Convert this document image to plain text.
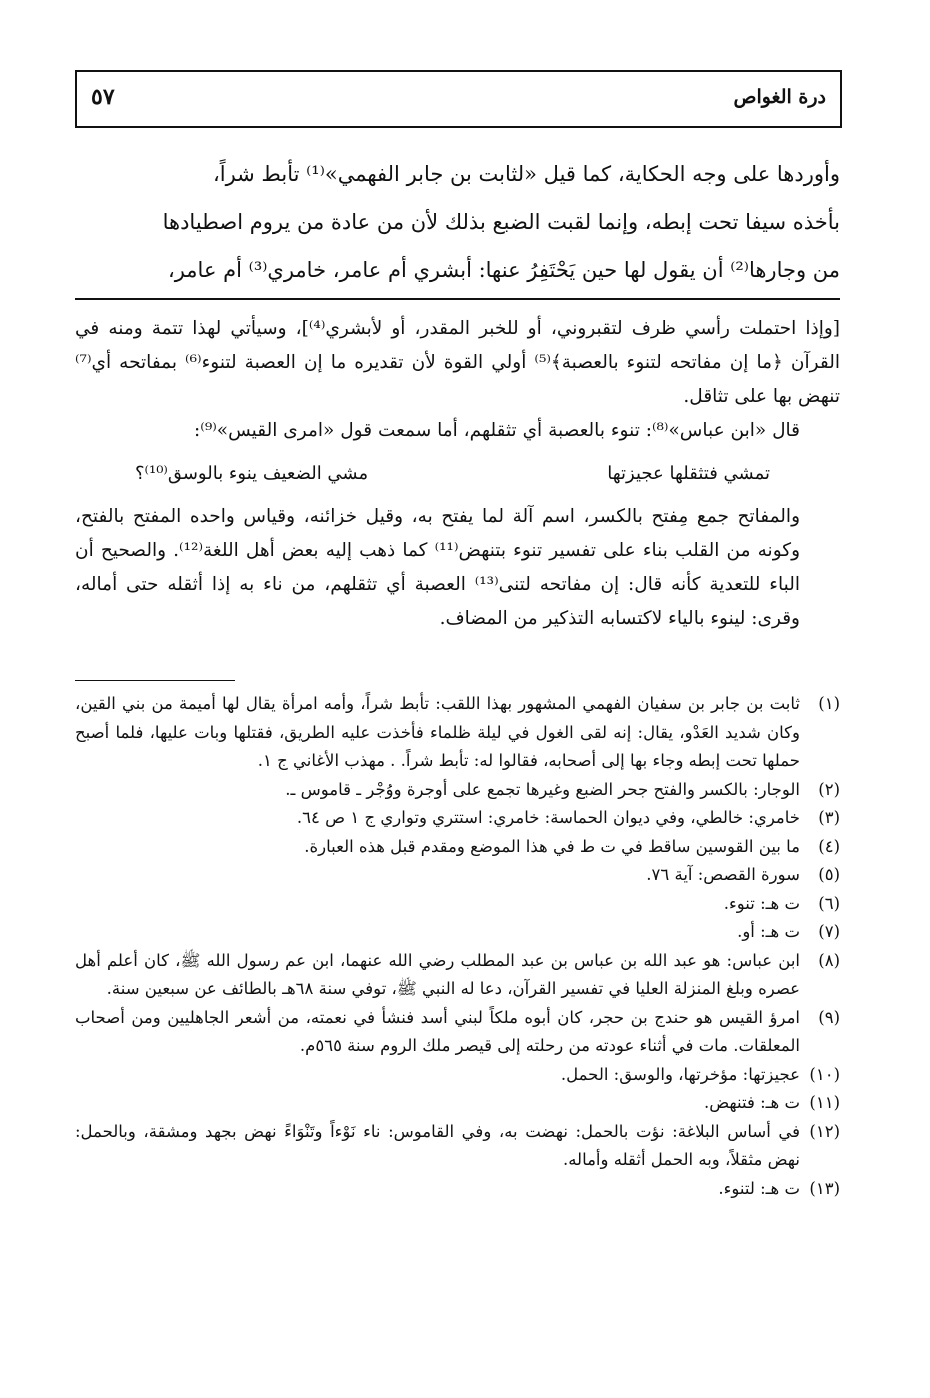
درة الغواص
٥٧

وأوردها على وجه الحكاية، كما قيل «لثابت بن جابر الفهمي»⁽¹⁾ تأبط شراً،

بأخذه سيفا تحت إبطه، وإنما لقبت الضبع بذلك لأن من عادة من يروم اصطيادها

من وجارها⁽²⁾ أن يقول لها حين يَحْتَفِرُ عنها: أبشري أم عامر، خامري⁽³⁾ أم عامر،

[وإذا احتملت رأسي ظرف لتقبروني، أو للخبر المقدر، أو لأبشري⁽⁴⁾]، وسيأتي لهذا تتمة ومنه في القرآن ﴿ما إن مفاتحه لتنوء بالعصبة﴾⁽⁵⁾ أولي القوة لأن تقديره ما إن العصبة لتنوء⁽⁶⁾ بمفاتحه أي⁽⁷⁾ تنهض بها على تثاقل.

قال «ابن عباس»⁽⁸⁾: تنوء بالعصبة أي تثقلهم، أما سمعت قول «امرى القيس»⁽⁹⁾:

تمشي فتثقلها عجيزتها
مشي الضعيف ينوء بالوسق⁽¹⁰⁾؟

والمفاتح جمع مِفتح بالكسر، اسم آلة لما يفتح به، وقيل خزائنه، وقياس واحده المفتح بالفتح، وكونه من القلب بناء على تفسير تنوء بتنهض⁽¹¹⁾ كما ذهب إليه بعض أهل اللغة⁽¹²⁾. والصحيح أن الباء للتعدية كأنه قال: إن مفاتحه لتنى⁽¹³⁾ العصبة أي تثقلهم، من ناء به إذا أثقله حتى أماله، وقرى: لينوء بالياء لاكتسابه التذكير من المضاف.

(١)
ثابت بن جابر بن سفيان الفهمي المشهور بهذا اللقب: تأبط شراً، وأمه امرأة يقال لها أميمة من بني القين، وكان شديد العَدْو، يقال: إنه لقى الغول في ليلة ظلماء فأخذت عليه الطريق، فقتلها وبات عليها، فلما أصبح حملها تحت إبطه وجاء بها إلى أصحابه، فقالوا له: تأبط شراً. . مهذب الأغاني ج ١.
(٢)
الوجار: بالكسر والفتح جحر الضبع وغيرها تجمع على أوجرة ووُجْر ـ قاموس ـ.
(٣)
خامري: خالطي، وفي ديوان الحماسة: خامري: استتري وتواري ج ١ ص ٦٤.
(٤)
ما بين القوسين ساقط في ت ط في هذا الموضع ومقدم قبل هذه العبارة.
(٥)
سورة القصص: آية ٧٦.
(٦)
ت هـ: تنوء.
(٧)
ت هـ: أو.
(٨)
ابن عباس: هو عبد الله بن عباس بن عبد المطلب رضي الله عنهما، ابن عم رسول الله ﷺ، كان أعلم أهل عصره وبلغ المنزلة العليا في تفسير القرآن، دعا له النبي ﷺ، توفي سنة ٦٨هـ بالطائف عن سبعين سنة.
(٩)
امرؤ القيس هو حندج بن حجر، كان أبوه ملكاً لبني أسد فنشأ في نعمته، من أشعر الجاهليين ومن أصحاب المعلقات. مات في أثناء عودته من رحلته إلى قيصر ملك الروم سنة ٥٦٥م.
(١٠)
عجيزتها: مؤخرتها، والوسق: الحمل.
(١١)
ت هـ: فتنهض.
(١٢)
في أساس البلاغة: نؤت بالحمل: نهضت به، وفي القاموس: ناء نَوْءاً وتَنْوَاءً نهض بجهد ومشقة، وبالحمل: نهض مثقلاً، وبه الحمل أثقله وأماله.
(١٣)
ت هـ: لتنوء.
